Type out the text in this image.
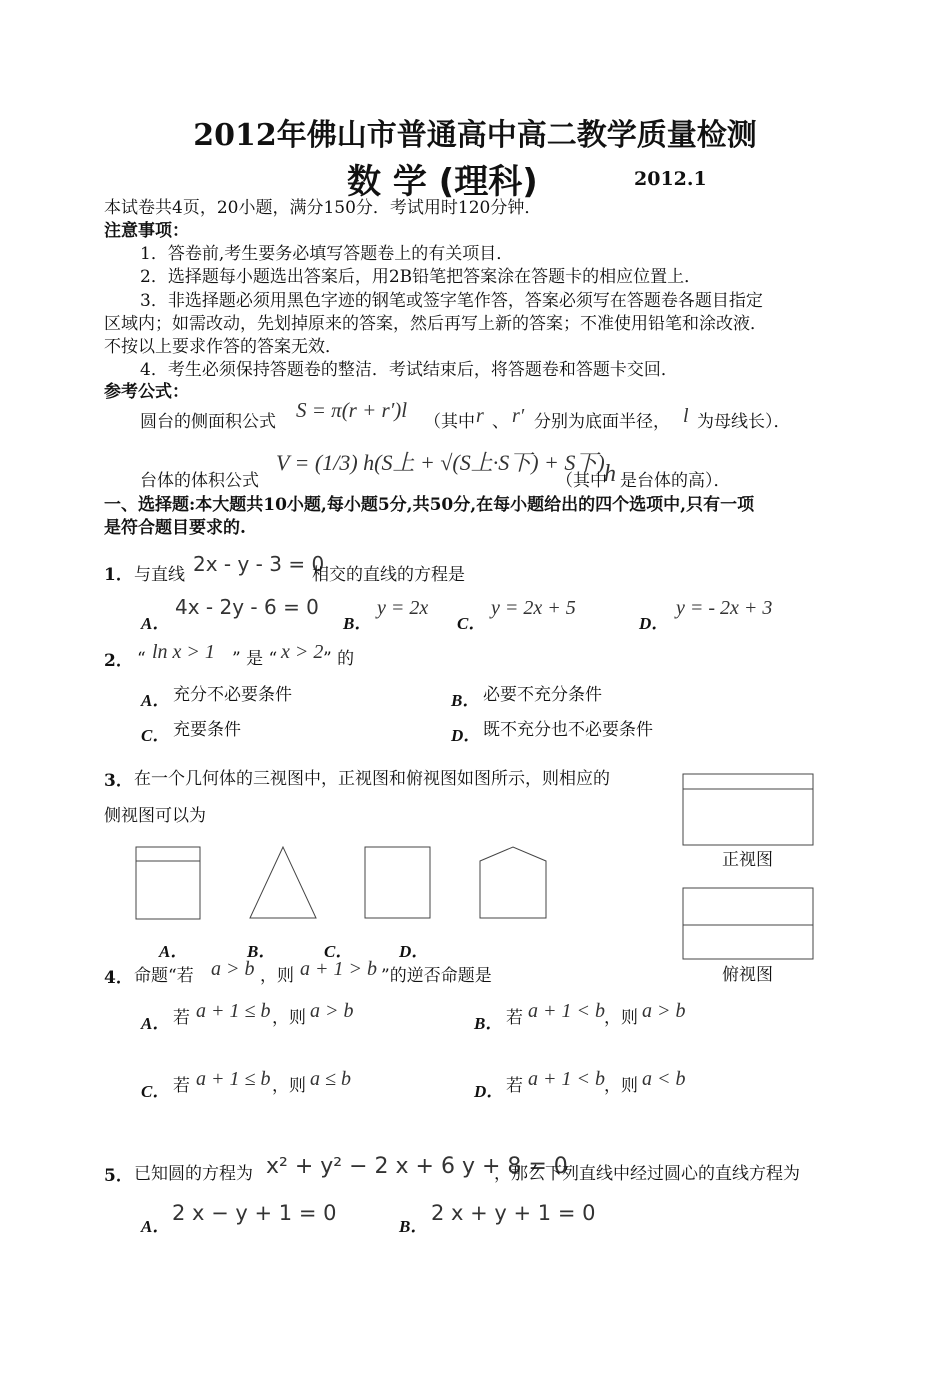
2012年佛山市普通高中高二教学质量检测
数 学 (理科)	2012.1
本试卷共4页，20小题，满分150分．考试用时120分钟．
注意事项：
1．答卷前,考生要务必填写答题卷上的有关项目．
2．选择题每小题选出答案后，用2B铅笔把答案涂在答题卡的相应位置上．
3．非选择题必须用黑色字迹的钢笔或签字笔作答，答案必须写在答题卷各题目指定
区域内；如需改动，先划掉原来的答案，然后再写上新的答案；不准使用铅笔和涂改液．
不按以上要求作答的答案无效．
4．考生必须保持答题卷的整洁．考试结束后，将答题卷和答题卡交回．
参考公式：
圆台的侧面积公式 S = π(r + r′)l （其中 r 、 r′ 分别为底面半径， l 为母线长）．
台体的体积公式
V = (1/3) h(S上 + √(S上·S下) + S下)
（其中
h 是台体的高）．
一、选择题:本大题共10小题,每小题5分,共50分,在每小题给出的四个选项中,只有一项
是符合题目要求的.
1． 与直线 2x - y - 3 = 0
相交的直线的方程是
A．
4x - 2y - 6 = 0
B．
y = 2x
C．
y = 2x + 5
D．
y = - 2x + 3
2． “ ln x > 1 ” 是 “ x > 2 ” 的
A． 充分不必要条件	B． 必要不充分条件
C． 充要条件	D． 既不充分也不必要条件
3． 在一个几何体的三视图中，正视图和俯视图如图所示，则相应的
侧视图可以为
A．	B．	C．	D．
正视图
俯视图
4． 命题“若 a > b ，则 a + 1 > b ”的逆否命题是
A． 若 a + 1 ≤ b ，则 a > b
B． 若 a + 1 < b ，则 a > b
C． 若 a + 1 ≤ b ，则 a ≤ b
D． 若 a + 1 < b ，则 a < b
5． 已知圆的方程为 x² + y² − 2 x + 6 y + 8 = 0
，那么下列直线中经过圆心的直线方程为
A．
2 x − y + 1 = 0
B．
2 x + y + 1 = 0
